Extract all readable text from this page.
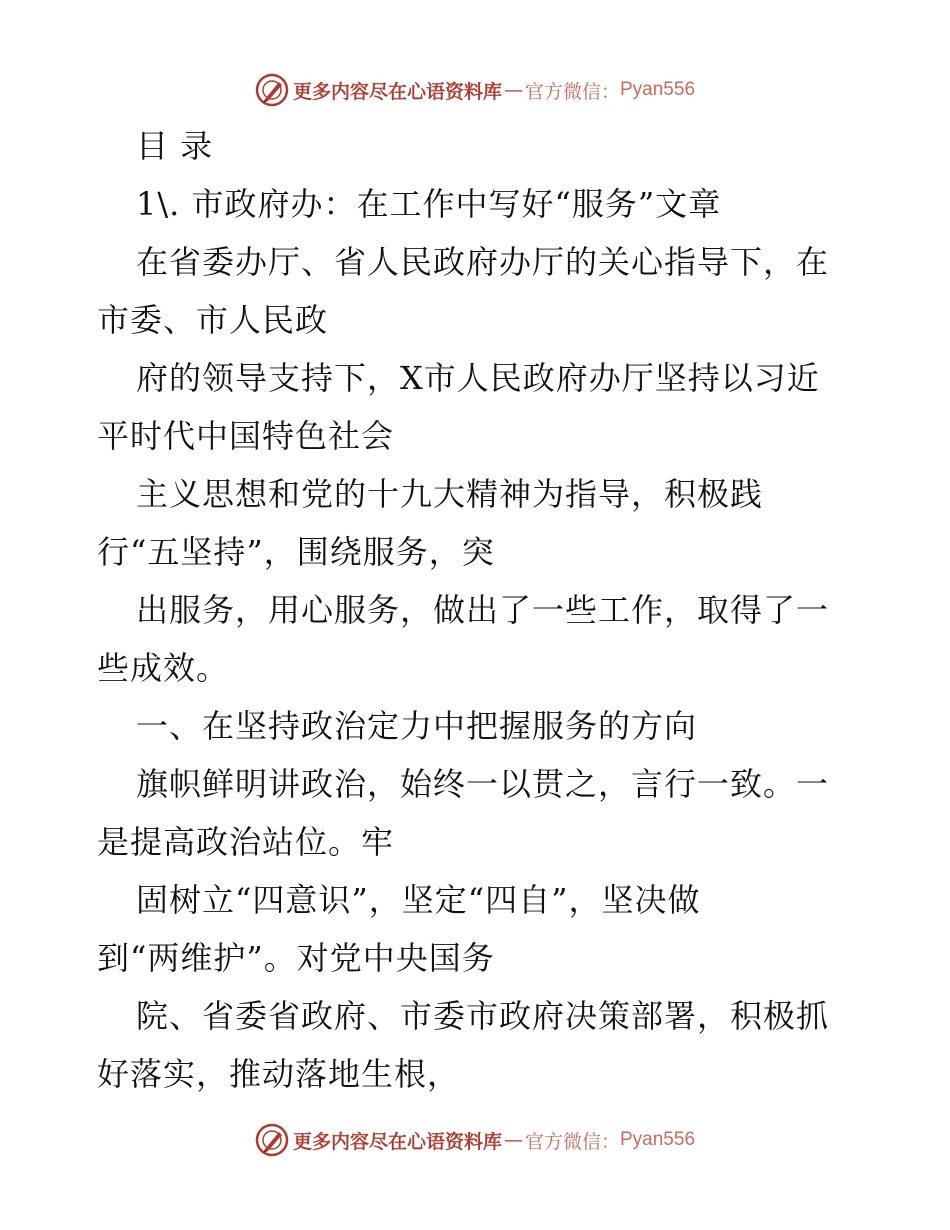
更多内容尽在心语资料库 — 官方微信： Pyan556
目 录
1\. 市政府办：在工作中写好“服务”文章
在省委办厅、省人民政府办厅的关心指导下，在
市委、市人民政
府的领导支持下，X市人民政府办厅坚持以习近
平时代中国特色社会
主义思想和党的十九大精神为指导，积极践
行“五坚持”，围绕服务，突
出服务，用心服务，做出了一些工作，取得了一
些成效。
一、在坚持政治定力中把握服务的方向
旗帜鲜明讲政治，始终一以贯之，言行一致。一
是提高政治站位。牢
固树立“四意识”，坚定“四自”，坚决做
到“两维护”。对党中央国务
院、省委省政府、市委市政府决策部署，积极抓
好落实，推动落地生根，
更多内容尽在心语资料库 — 官方微信： Pyan556
